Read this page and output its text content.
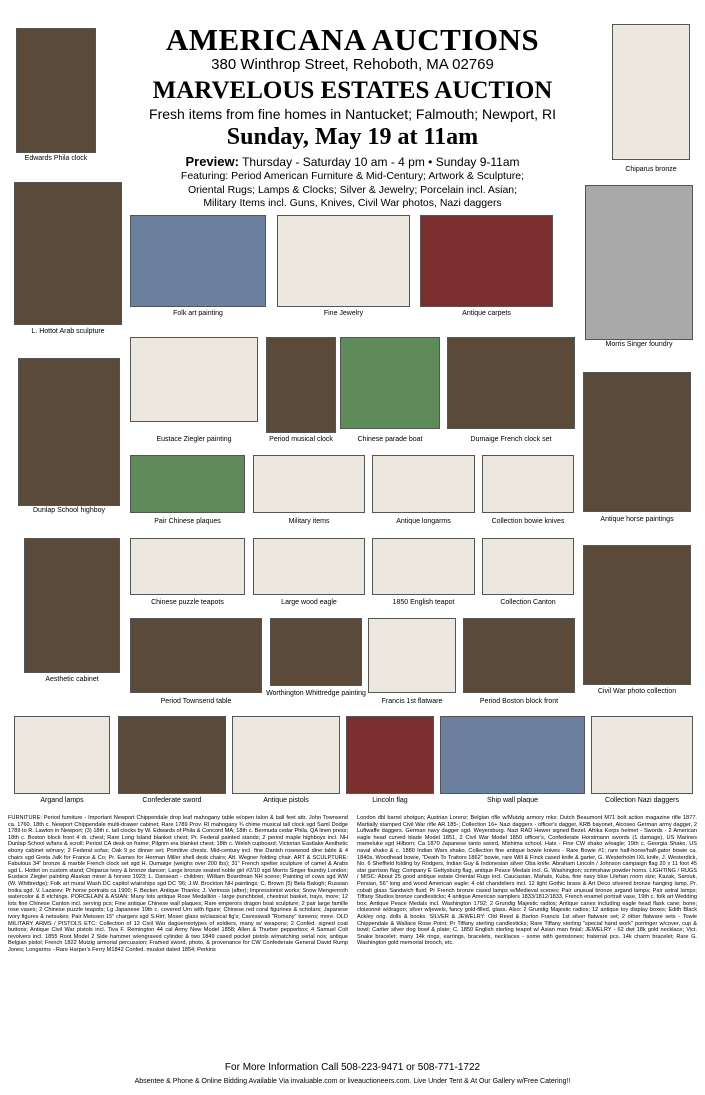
AMERICANA AUCTIONS
380 Winthrop Street, Rehoboth, MA 02769
MARVELOUS ESTATES AUCTION
Fresh items from fine homes in Nantucket; Falmouth; Newport, RI
Sunday, May 19 at 11am
Preview: Thursday - Saturday 10 am - 4 pm • Sunday 9-11am
Featuring: Period American Furniture & Mid-Century; Artwork & Sculpture; Oriental Rugs; Lamps & Clocks; Silver & Jewelry; Porcelain incl. Asian; Military Items incl. Guns, Knives, Civil War photos, Nazi daggers
Edwards Phila clock
Chiparus bronze
L. Hottot Arab sculpture
Folk art painting	Fine Jewelry	Antique carpets
Morris Singer foundry
Eustace Ziegler painting	Period musical clock	Chinese parade boat	Dumaige French clock set
Dunlap School highboy
Antique horse paintings
Pair Chinese plaques	Military items	Antique longarms	Collection bowie knives
Aesthetic cabinet
Chinese puzzle teapots	Large wood eagle	1850 English teapot	Collection Canton
Civil War photo collection
Period Townsend table
Worthington Whittredge painting
Francis 1st flatware	Period Boston block front
Argand lamps	Confederate sword	Antique pistols	Lincoln flag	Ship wall plaque	Collection Nazi daggers
FURNITURE: Period furniture - Important Newport Chippendale drop leaf mahogany table w/open talon & ball feet attr. John Townsend ca. 1760. 18th c. Newport Chippendale multi-drawer cabinet; Rare 1789 Prov. RI mahogany ¾ chime musical tall clock sgd Saml Dodge 1789 to R. Lawton in Newport; (3) 18th c. tall clocks by W. Edwards of Phila & Concord MA; 18th c. Bermuda cedar Phila. QA linen press; 18th c. Boston block front 4 dr. chest; Rare Long Island blanket chest; Pr. Federal painted stands; 2 period maple highboys incl. NH Dunlap School w/fans & scroll; Period CA desk on frame; Pilgrim era blanket chest; 18th c. Welsh cupboard; Victorian Eastlake Aesthetic ebony cabinet w/mary; 2 Federal sofas; Oak 9 pc dinner set; Primitive chests. Mid-century incl. fine Danish rosewood dine table & 4 chairs sgd Greta Jalk for France & Co; Pr. Eames for Herman Miller shell desk chairs; Att. Wegner folding chair. ART & SCULPTURE: Fabulous 34" bronze & marble French clock set sgd H. Dumaige (weighs over 200 lbs); 31" French spelter sculpture of camel & Arabs sgd L. Hottot on custom stand; Chiparus ivory & bronze dancer; Large bronze seated noble girl #2/10 sgd Morris Singer foundry London; Eustace Ziegler painting Alaskan miner & horses 1923; L. Danseart - children; William Boardman NH scene; Painting of cows sgd WW (W. Whittredge); Folk art mural Wash DC capitol w/airships sgd DC '96; J.W. Brockton NH paintings; C. Brown (5) Bela Balogh; Russian troika sgd. V. Lazarev; Pr horse portraits ca 1900; F. Becker. Antique Thanks; J. Verinoss (after); Impressionist works; Snow Mengenroth watercolor & 8 etchings. PORCELAIN & ASIAN: Many lots antique Rose Medallion - large punchbowl, chestnut basket, trays, more; 12 lots fine Chinese Canton incl. serving pcs; Fine antique Chinese wall plaques; Rare emperors dragon boat sculpture; 2 pair large famille rose vases; 2 Chinese puzzle teapots; Lg Japanese 19th c. covered Urn with figure; Chinese red coral figurines & scholars; Japanese ivory figures & netsukes; Pair Meissen 15" chargers sgd S.Hirt; Moser glass w/classical fig's; Cavesswall "Romany" tureens; more. OLD MILITARY ARMS / PISTOLS ETC: Collection of 12 Civil War daguerreotypes of soldiers, many w/ weapons; 2 Confed. signed coat buttons; Antique Civil War pistols incl. Tiva F. Remington 44 cal Army New Model 1858; Allen & Thurber pepperbox; 4 Samuel Colt revolvers incl. 1855 Root Model 2 Side hammer w/engraved cylinder & two 1849 cased pocket pistols w/matching serial nos; antique Belgian pistol; French 1822 Mutzig armorial percussion; Framed sword, photo, & provenance for CW Confederate General David Rump Jones; Longarms - Rare Harper's Ferry M1842 Confed. musket dated 1854; Perkins
London dbl barrel shotgun; Austrian Lorenz; Belgian rifle w/Mutzig armory mks; Dutch Beaumont M71 bolt action magazine rifle 1877. Martially stamped Civil War rifle AR 185-; Collection 16+ Nazi daggers - officer's dagger, KRB bayonet, Alcoseo German army dagger, 2 Luftwaffe daggers. German navy dagger sgd. Weyersburg. Nazi RAD Hewer signed Bezel. Afrika Korps helmet - Swords - 2 American eagle head curved blade Model 1851, 2 Civil War Model 1850 officer's, Confederate Horstmann swords (1 damage), US Marines mameluke sgd Hilborn; Ca 1870 Japanese tanto sword, Mishima school. Hats - Fine CW shako w/eagle; 19th c. Georgia Shako, US naval shako & c. 1880 Indian Wars shako. Collection fine antique bowie knives - Rare Bowie #1; rare half-horse/half-gator bowie ca. 1840s, Woodhead bowie, "Death To Traitors 1862" bowie, rare Will & Finck cased knife & garter, G. Westerholm IXL knife, J. Westerdick, No. 6 Sheffield folding by Rodgers, Indian Guy & Indonesian silver Oba knife. Abraham Lincoln / Johnson campaign flag 20 x 11 foot 45 star garrison flag; Company E Gettysburg flag, antique Peace Medals incl. G. Washington; scrimshaw powder horns. LIGHTING / RUGS / MISC: About 25 good antique estate Oriental Rugs incl. Caucasian, Mahals, Kuba, fine navy blue Lilehan room size; Kazak, Sarouk, Persian, 56" long and wood American eagle; 4 old chandeliers incl. 12 light Gothic brass & Art Deco silvered bronze hanging lamp. Pr. cobalt glass Sandwich fluid; Pr French bronze cased lamps w/Medieval scenes; Pair unusual bronze argand lamps; Pair astral lamps; Tiffany Studios bronze candlesticks; 4 antique American samplers 1833/1812/1833, French enamel portrait vase, 19th c. folk art Wedding box; Antique Peace Medals incl. Washington 1792; 2 Grundig Majestic radios; Antique canes including eagle head flask cane; bone; cloisonné w/dragon; silver w/jewels, fancy gold-filled, glass. Also: 2 Grundig Majestic radios; 12 antique toy display boxes; Edith Black Ackley orig. dolls & books. SILVER & JEWELRY: Old Reed & Barton Francis 1st silver flatware set; 2 other flatware sets - Towle Chippendale & Wallace Rose Point; Pr Tiffany sterling candlesticks; Rare Tiffany sterling "special hand work" porringer w/cover, cup & bowl; Cartier silver dog bowl & plate; C. 1850 English sterling teapot w/ Asian man finial; JEWELRY - 62 dwt 18k gold necklace; Vict. Snake bracelet; many 14k rings, earrings, bracelets, necklaces - some with gemstones; fraternal pcs. 14k charm bracelet; Rare G. Washington gold memorial brooch, etc.
For More Information Call 508-223-9471 or 508-771-1722
Absentee & Phone & Online Bidding Available Via invaluable.com or liveauctioneers.com. Live Under Tent & At Our Gallery w/Free Catering!!
